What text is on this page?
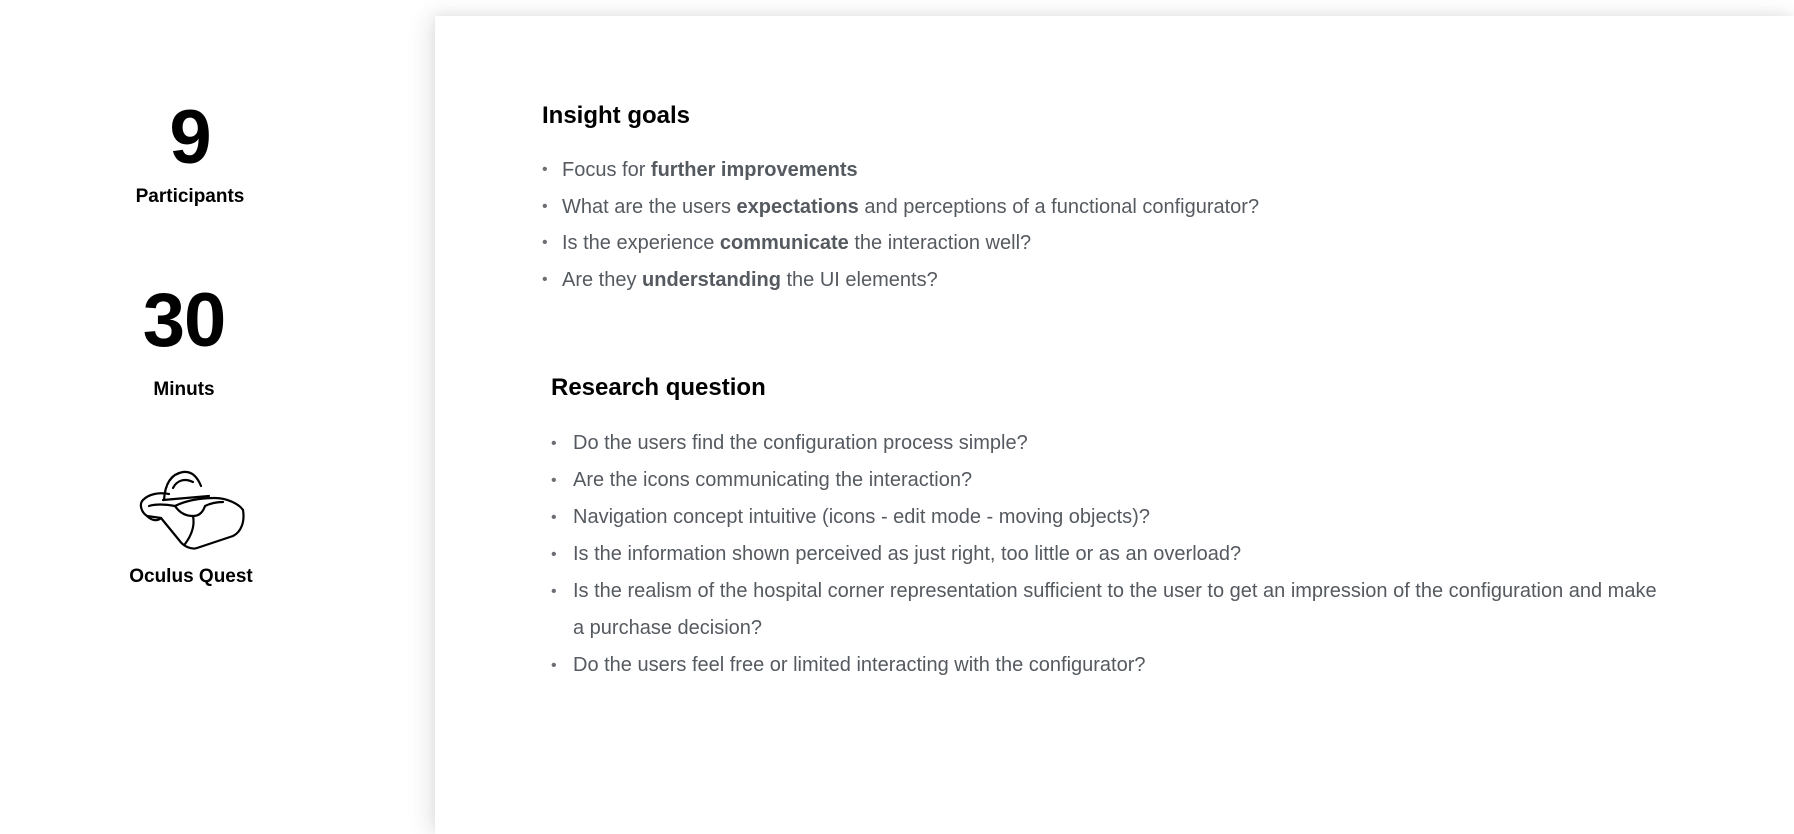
9
Participants
30
Minuts
Oculus Quest
Insight goals
• Focus for further improvements
• What are the users expectations and perceptions of a functional configurator?
• Is the experience communicate the interaction well?
• Are they understanding the UI elements?
Research question
• Do the users find the configuration process simple?
• Are the icons communicating the interaction?
• Navigation concept intuitive (icons - edit mode - moving objects)?
• Is the information shown perceived as just right, too little or as an overload?
• Is the realism of the hospital corner representation sufficient to the user to get an impression of the configuration and make a purchase decision?
• Do the users feel free or limited interacting with the configurator?
